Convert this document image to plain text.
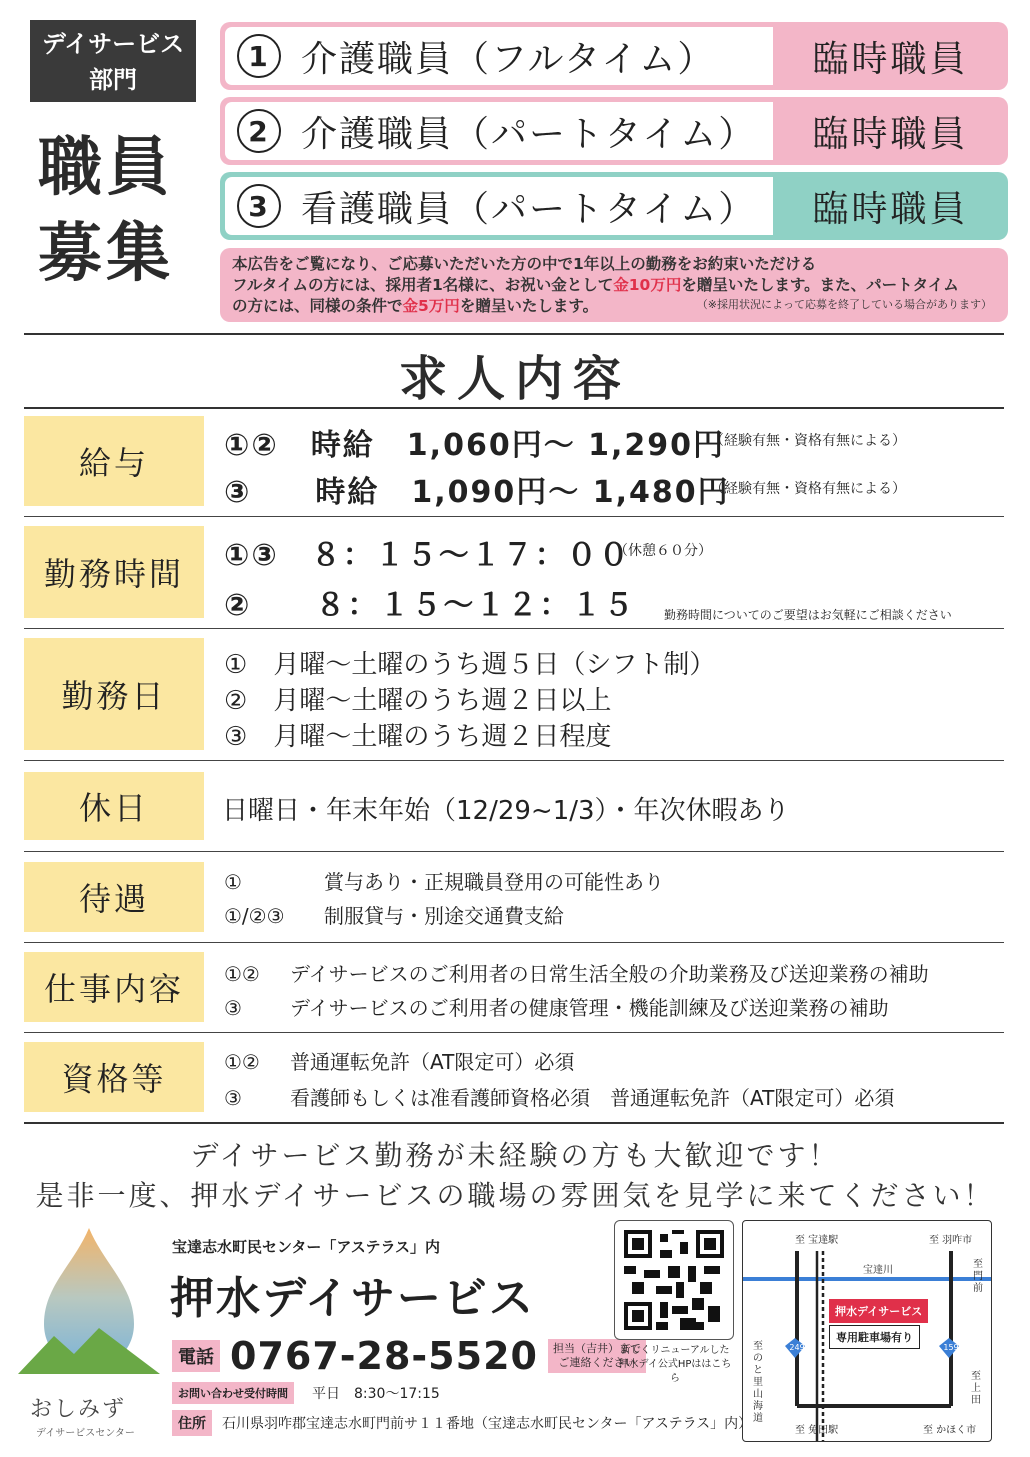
デイサービス
部門
職員
募集
1 介護職員（フルタイム）	臨時職員
2 介護職員（パートタイム）	臨時職員
3 看護職員（パートタイム）	臨時職員
本広告をご覧になり、ご応募いただいた方の中で1年以上の勤務をお約束いただける
フルタイムの方には、採用者1名様に、お祝い金として金10万円を贈呈いたします。また、パートタイム
の方には、同様の条件で金5万円を贈呈いたします。	（※採用状況によって応募を終了している場合があります）
求人内容
給与	①②　 時給　1,060円～ 1,290円
（経験有無・資格有無による）
③　　 時給　1,090円～ 1,480円
（経験有無・資格有無による）
勤務時間	①③　 ８：１５～１７：００
（休憩６０分）
②　　 ８：１５～１２：１５ 勤務時間についてのご要望はお気軽にご相談ください
勤務日
①　 月曜～土曜のうち週５日（シフト制）
②　 月曜～土曜のうち週２日以上
③　 月曜～土曜のうち週２日程度
休日	日曜日・年末年始（12/29~1/3）・年次休暇あり
待遇	①	賞与あり・正規職員登用の可能性あり
①/②③ 制服貸与・別途交通費支給
仕事内容	①② デイサービスのご利用者の日常生活全般の介助業務及び送迎業務の補助
③ デイサービスのご利用者の健康管理・機能訓練及び送迎業務の補助
資格等	①② 普通運転免許（AT限定可）必須
③ 看護師もしくは准看護師資格必須　普通運転免許（AT限定可）必須
デイサービス勤務が未経験の方も大歓迎です！
是非一度、押水デイサービスの職場の雰囲気を見学に来てください！
おしみず
デイサービスセンター
宝達志水町民センター「アステラス」内
押水デイサービス
電話 0767-28-5520 担当（吉井）まで
ご連絡ください
お問い合わせ受付時間	平日　8:30～17:15
住所	石川県羽咋郡宝達志水町門前サ１１番地（宝達志水町民センター「アステラス」内）
新しくリニューアルした
押水デイ公式HPははこちら
至 宝達駅	至 羽咋市
宝達川
至門前
押水デイサービス
専用駐車場有り
249	159
至のと里山海道
至上田
至 免田駅	至 かほく市
